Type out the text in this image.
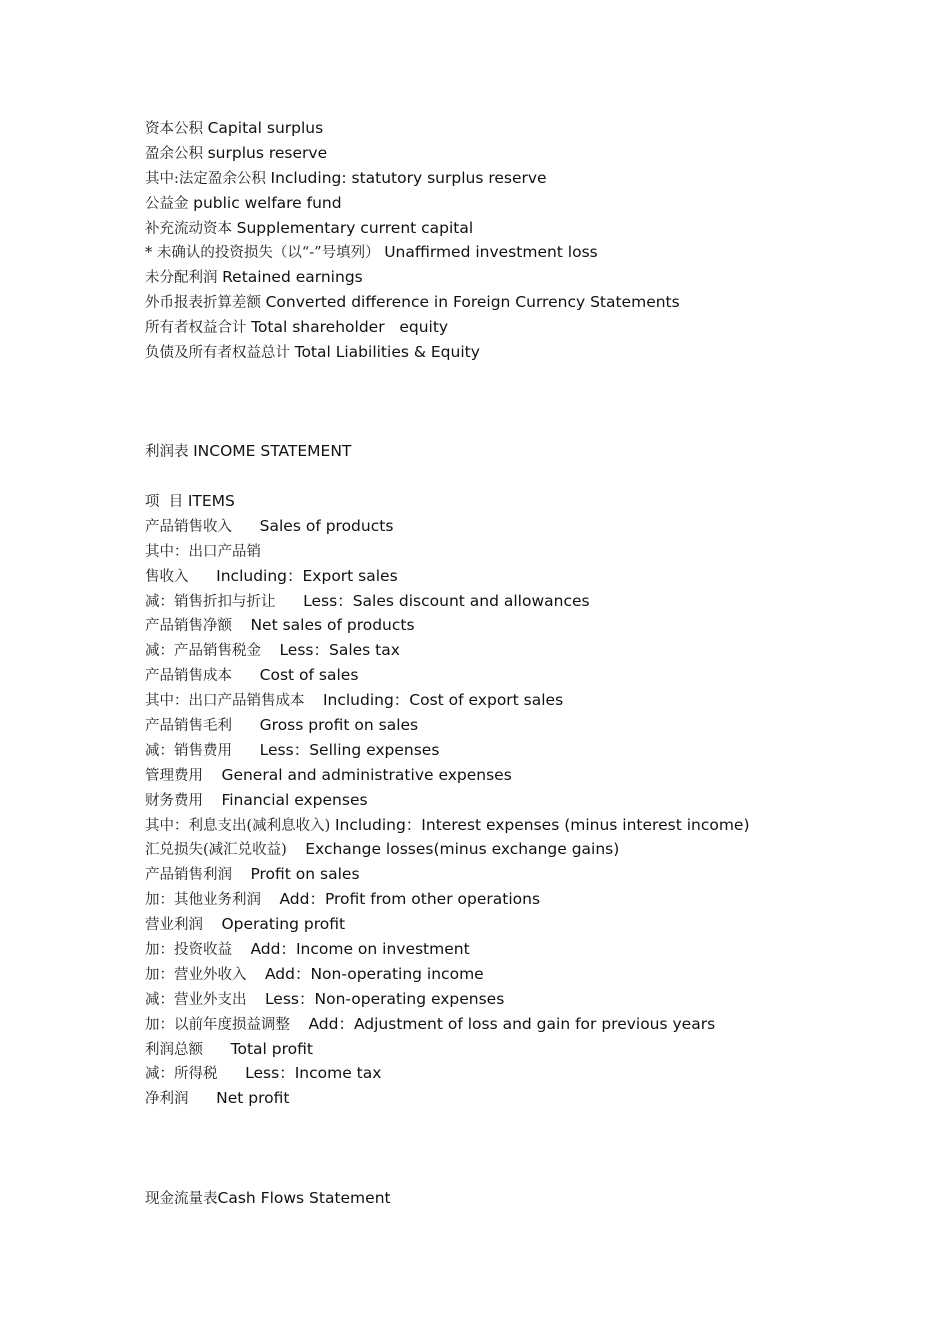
资本公积 Capital surplus
盈余公积 surplus reserve
其中:法定盈余公积 Including: statutory surplus reserve
公益金 public welfare fund
补充流动资本 Supplementary current capital
* 未确认的投资损失（以“-”号填列） Unaffirmed investment loss
未分配利润 Retained earnings
外币报表折算差额 Converted difference in Foreign Currency Statements
所有者权益合计 Total shareholder   equity
负债及所有者权益总计 Total Liabilities & Equity
利润表 INCOME STATEMENT
项  目 ITEMS
产品销售收入      Sales of products
其中：出口产品销
售收入      Including：Export sales
减：销售折扣与折让      Less：Sales discount and allowances
产品销售净额    Net sales of products
减：产品销售税金    Less：Sales tax
产品销售成本      Cost of sales
其中：出口产品销售成本    Including：Cost of export sales
产品销售毛利      Gross profit on sales
减：销售费用      Less：Selling expenses
管理费用    General and administrative expenses
财务费用    Financial expenses
其中：利息支出(减利息收入) Including：Interest expenses (minus interest income)
汇兑损失(减汇兑收益)    Exchange losses(minus exchange gains)
产品销售利润    Profit on sales
加：其他业务利润    Add：Profit from other operations
营业利润    Operating profit
加：投资收益    Add：Income on investment
加：营业外收入    Add：Non-operating income
减：营业外支出    Less：Non-operating expenses
加：以前年度损益调整    Add：Adjustment of loss and gain for previous years
利润总额      Total profit
减：所得税      Less：Income tax
净利润      Net profit
现金流量表Cash Flows Statement
